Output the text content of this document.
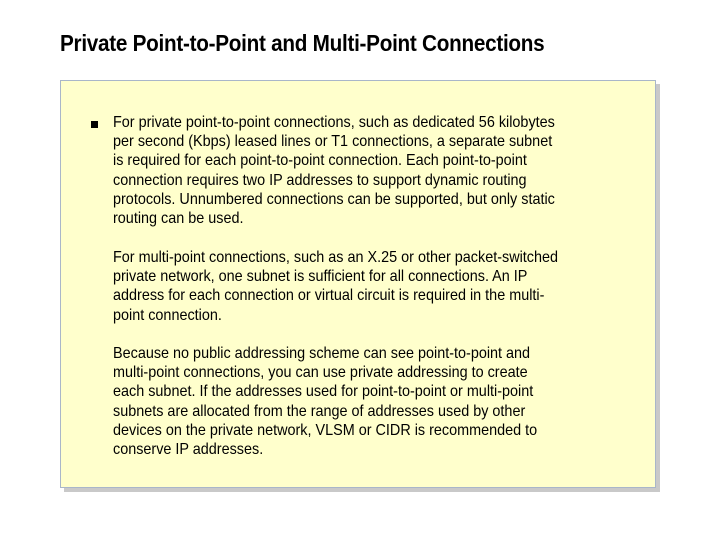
Private Point-to-Point and Multi-Point Connections

For private point-to-point connections, such as dedicated 56 kilobytes
per second (Kbps) leased lines or T1 connections, a separate subnet
is required for each point-to-point connection. Each point-to-point
connection requires two IP addresses to support dynamic routing
protocols. Unnumbered connections can be supported, but only static
routing can be used.

For multi-point connections, such as an X.25 or other packet-switched
private network, one subnet is sufficient for all connections. An IP
address for each connection or virtual circuit is required in the multi-
point connection.

Because no public addressing scheme can see point-to-point and
multi-point connections, you can use private addressing to create
each subnet. If the addresses used for point-to-point or multi-point
subnets are allocated from the range of addresses used by other
devices on the private network, VLSM or CIDR is recommended to
conserve IP addresses.
